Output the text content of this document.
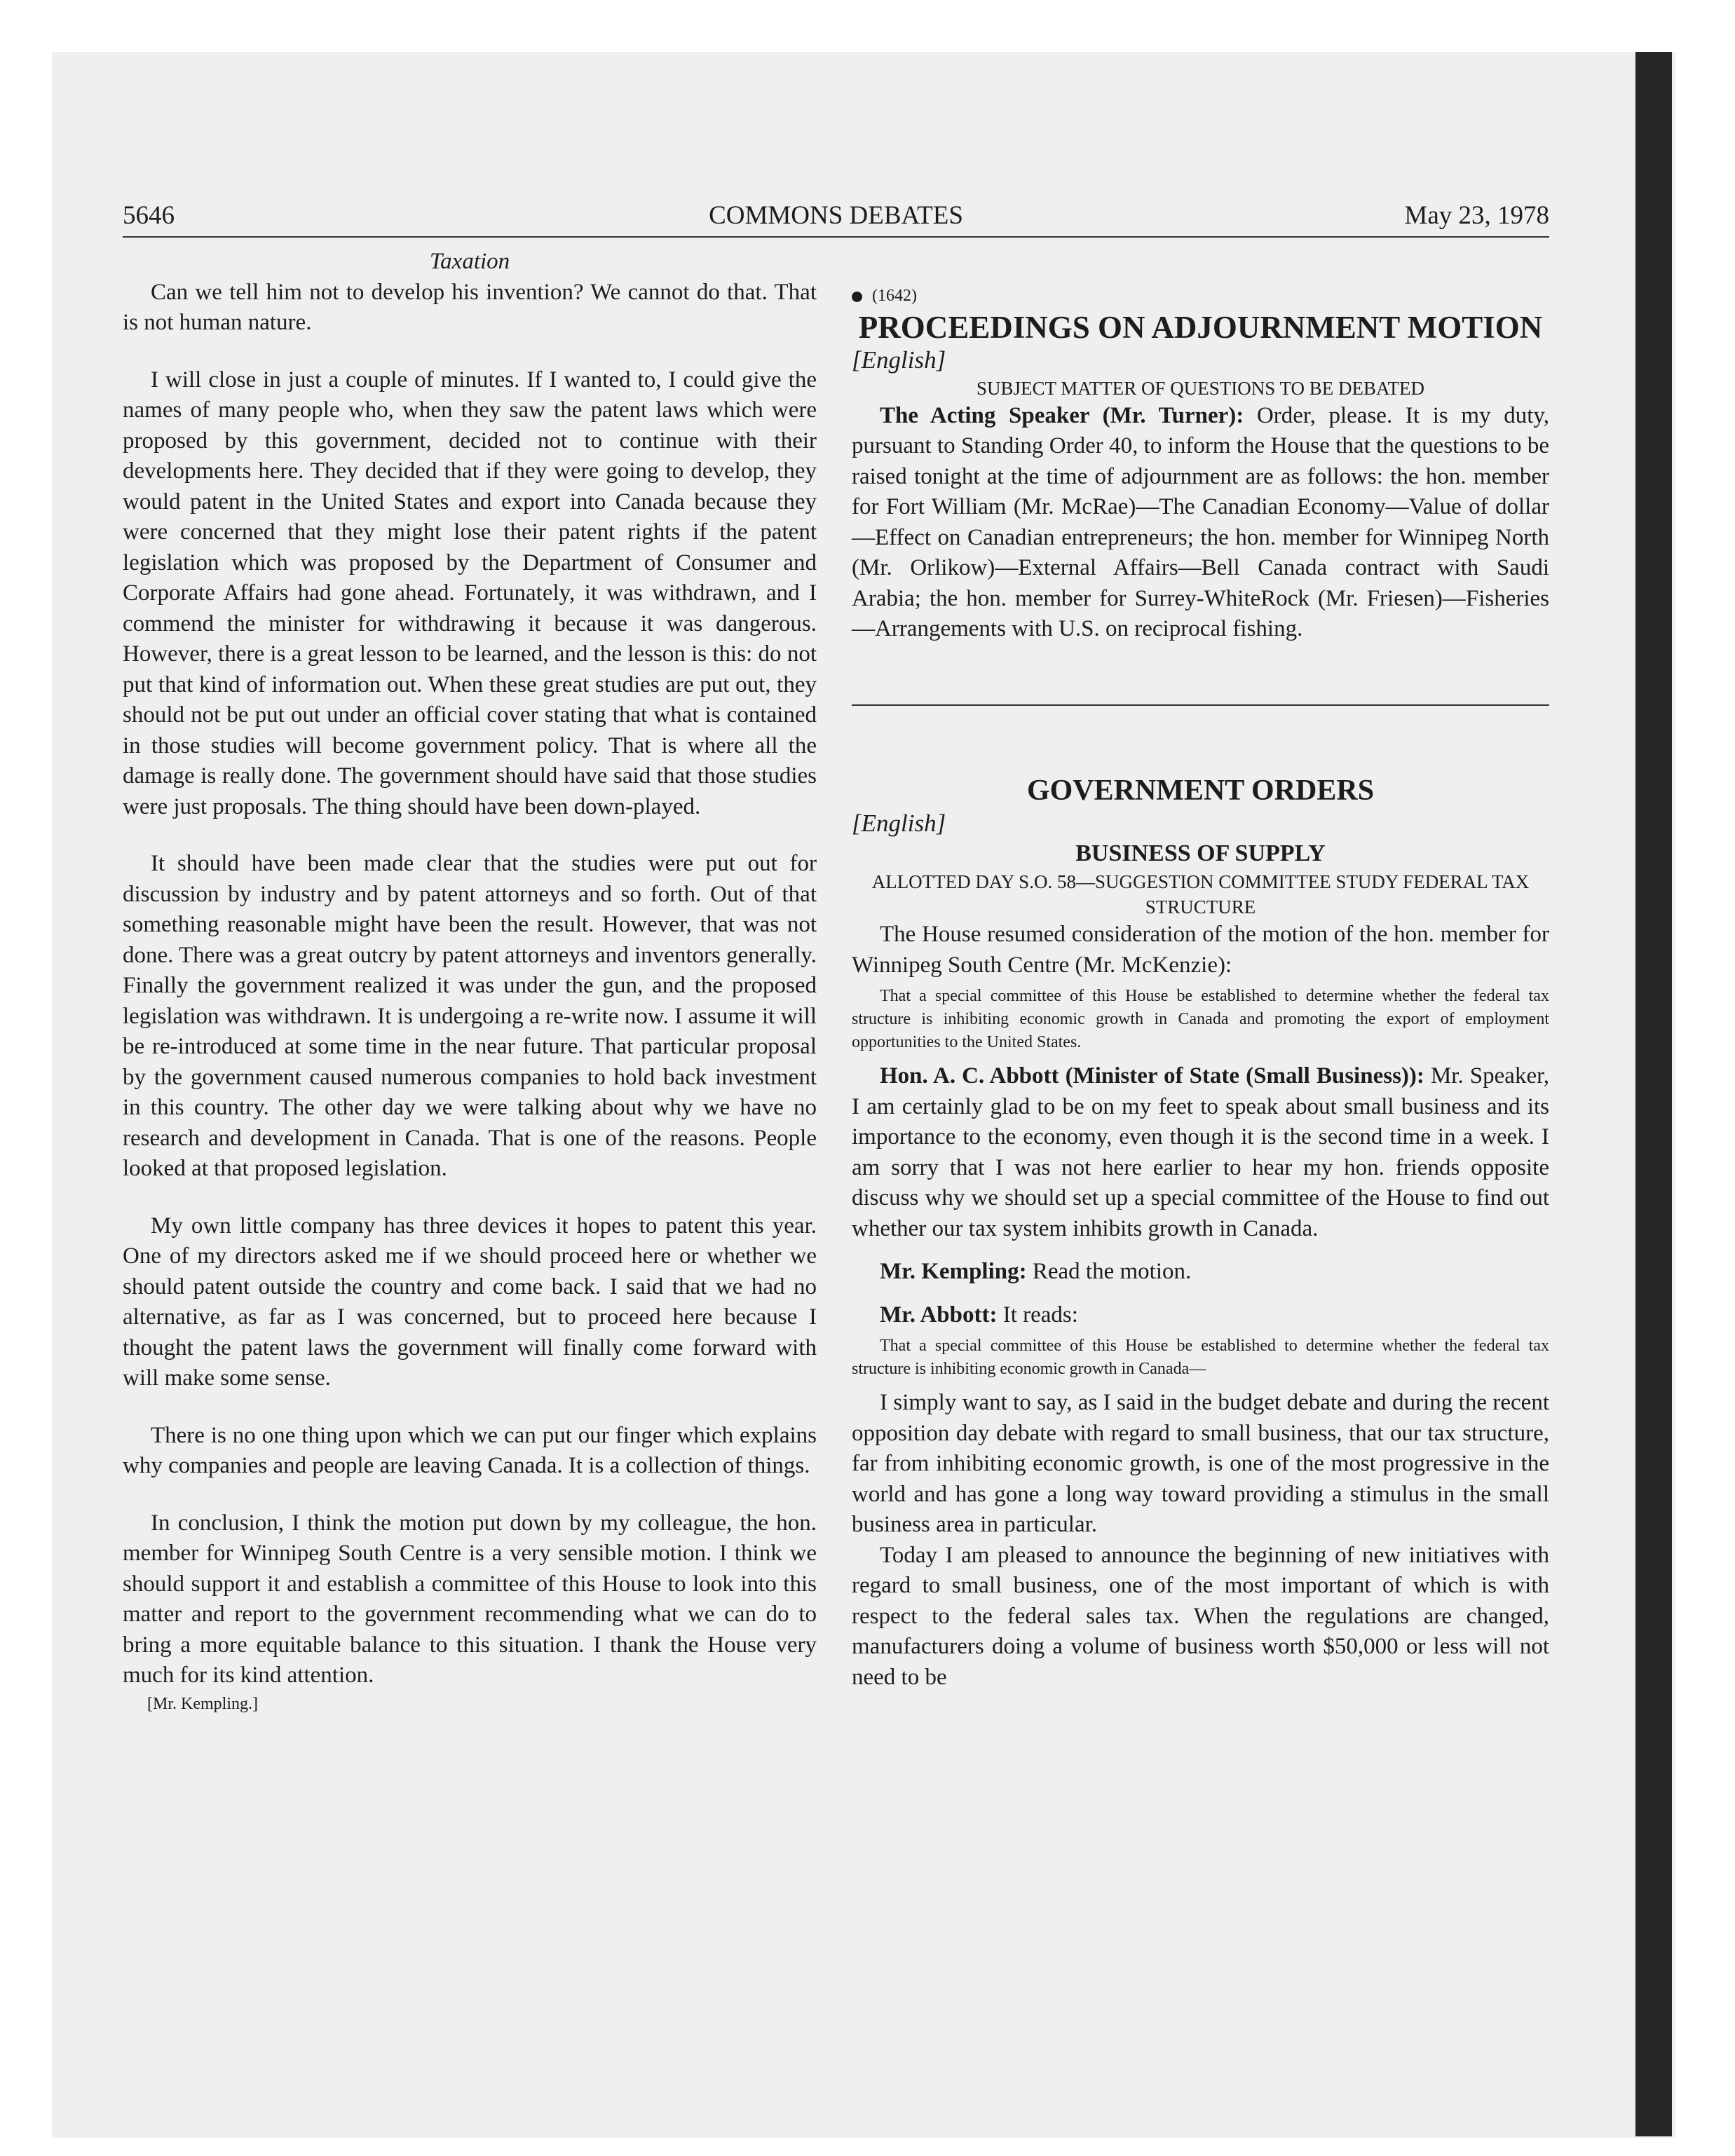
COMMONS DEBATES
5646	May 23, 1978

Taxation

Can we tell him not to develop his invention? We cannot do that. That is not human nature.

I will close in just a couple of minutes. If I wanted to, I could give the names of many people who, when they saw the patent laws which were proposed by this government, decided not to continue with their developments here. They decided that if they were going to develop, they would patent in the United States and export into Canada because they were concerned that they might lose their patent rights if the patent legislation which was proposed by the Department of Consumer and Corporate Affairs had gone ahead. Fortunately, it was withdrawn, and I commend the minister for withdrawing it because it was dangerous. However, there is a great lesson to be learned, and the lesson is this: do not put that kind of information out. When these great studies are put out, they should not be put out under an official cover stating that what is contained in those studies will become government policy. That is where all the damage is really done. The government should have said that those studies were just proposals. The thing should have been down-played.

It should have been made clear that the studies were put out for discussion by industry and by patent attorneys and so forth. Out of that something reasonable might have been the result. However, that was not done. There was a great outcry by patent attorneys and inventors generally. Finally the government realized it was under the gun, and the proposed legislation was withdrawn. It is undergoing a re-write now. I assume it will be re-introduced at some time in the near future. That particular proposal by the government caused numerous companies to hold back investment in this country. The other day we were talking about why we have no research and development in Canada. That is one of the reasons. People looked at that proposed legislation.

My own little company has three devices it hopes to patent this year. One of my directors asked me if we should proceed here or whether we should patent outside the country and come back. I said that we had no alternative, as far as I was concerned, but to proceed here because I thought the patent laws the government will finally come forward with will make some sense.

There is no one thing upon which we can put our finger which explains why companies and people are leaving Canada. It is a collection of things.

In conclusion, I think the motion put down by my colleague, the hon. member for Winnipeg South Centre is a very sensible motion. I think we should support it and establish a committee of this House to look into this matter and report to the government recommending what we can do to bring a more equitable balance to this situation. I thank the House very much for its kind attention.

[Mr. Kempling.]

(1642)

PROCEEDINGS ON ADJOURNMENT MOTION

[English]

SUBJECT MATTER OF QUESTIONS TO BE DEBATED

The Acting Speaker (Mr. Turner): Order, please. It is my duty, pursuant to Standing Order 40, to inform the House that the questions to be raised tonight at the time of adjournment are as follows: the hon. member for Fort William (Mr. McRae)—The Canadian Economy—Value of dollar—Effect on Canadian entrepreneurs; the hon. member for Winnipeg North (Mr. Orlikow)—External Affairs—Bell Canada contract with Saudi Arabia; the hon. member for Surrey-WhiteRock (Mr. Friesen)—Fisheries—Arrangements with U.S. on reciprocal fishing.

GOVERNMENT ORDERS

[English]

BUSINESS OF SUPPLY

ALLOTTED DAY S.O. 58—SUGGESTION COMMITTEE STUDY FEDERAL TAX STRUCTURE

The House resumed consideration of the motion of the hon. member for Winnipeg South Centre (Mr. McKenzie):

That a special committee of this House be established to determine whether the federal tax structure is inhibiting economic growth in Canada and promoting the export of employment opportunities to the United States.

Hon. A. C. Abbott (Minister of State (Small Business)): Mr. Speaker, I am certainly glad to be on my feet to speak about small business and its importance to the economy, even though it is the second time in a week. I am sorry that I was not here earlier to hear my hon. friends opposite discuss why we should set up a special committee of the House to find out whether our tax system inhibits growth in Canada.

Mr. Kempling: Read the motion.

Mr. Abbott: It reads:

That a special committee of this House be established to determine whether the federal tax structure is inhibiting economic growth in Canada—

I simply want to say, as I said in the budget debate and during the recent opposition day debate with regard to small business, that our tax structure, far from inhibiting economic growth, is one of the most progressive in the world and has gone a long way toward providing a stimulus in the small business area in particular.

Today I am pleased to announce the beginning of new initiatives with regard to small business, one of the most important of which is with respect to the federal sales tax. When the regulations are changed, manufacturers doing a volume of business worth $50,000 or less will not need to be
